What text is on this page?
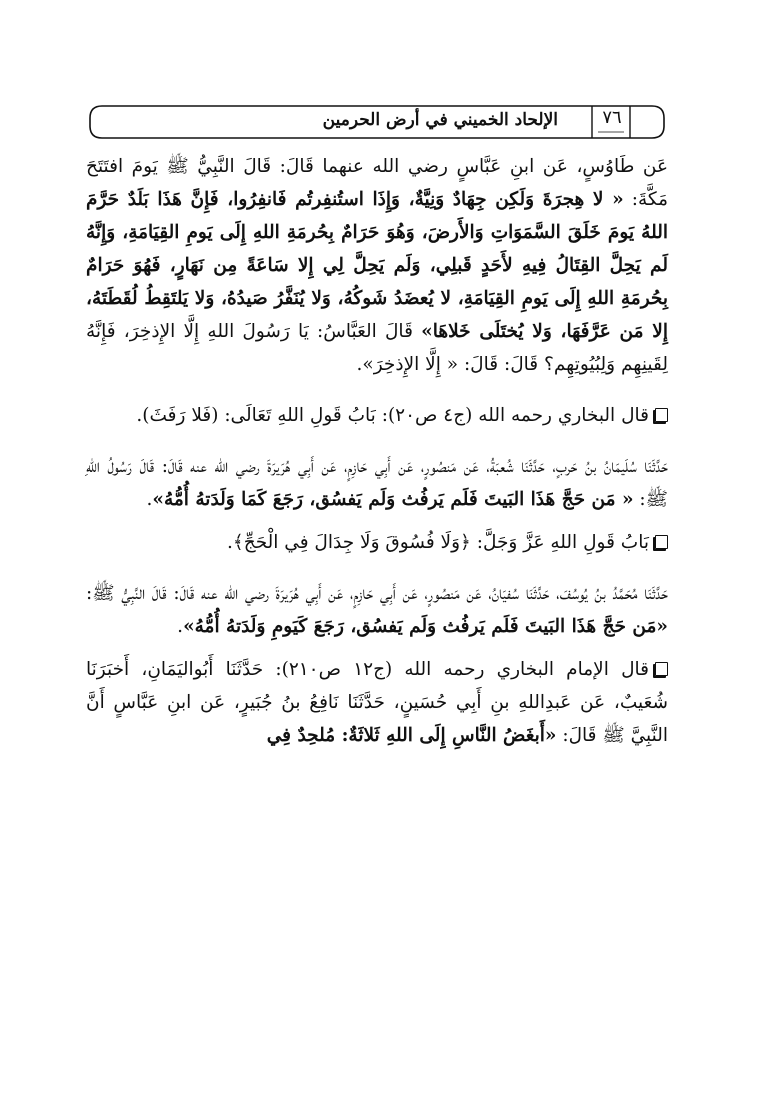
الإلحاد الخميني في أرض الحرمين	٧٦

عَن طَاوُسٍ، عَن ابنِ عَبَّاسٍ رضي الله عنهما قَالَ: قَالَ النَّبِيُّ ﷺ يَومَ افتَتَحَ مَكَّةَ: « لا هِجرَةَ وَلَكِن جِهَادٌ وَنِيَّةٌ، وَإِذَا استُنفِرتُم فَانفِرُوا، فَإِنَّ هَذَا بَلَدٌ حَرَّمَ اللهُ يَومَ خَلَقَ السَّمَوَاتِ وَالأَرضَ، وَهُوَ حَرَامٌ بِحُرمَةِ اللهِ إِلَى يَومِ القِيَامَةِ، وَإِنَّهُ لَم يَحِلَّ القِتَالُ فِيهِ لأَحَدٍ قَبلِي، وَلَم يَحِلَّ لِي إِلا سَاعَةً مِن نَهَارٍ، فَهُوَ حَرَامٌ بِحُرمَةِ اللهِ إِلَى يَومِ القِيَامَةِ، لا يُعضَدُ شَوكُهُ، وَلا يُنَفَّرُ صَيدُهُ، وَلا يَلتَقِطُ لُقَطَتَهُ، إِلا مَن عَرَّفَهَا، وَلا يُختَلَى خَلاهَا» قَالَ العَبَّاسُ: يَا رَسُولَ اللهِ إِلَّا الإِذخِرَ، فَإِنَّهُ لِقَينِهِم وَلِبُيُوتِهِم؟ قَالَ: قَالَ: « إِلَّا الإِذخِرَ».

قال البخاري رحمه الله (ج٤ ص٢٠): بَابُ قَولِ اللهِ تَعَالَى: (فَلا رَفَثَ).

حَدَّثَنَا سُلَيمَانُ بنُ حَربٍ، حَدَّثَنَا شُعبَةُ، عَن مَنصُورٍ، عَن أَبِي حَازِمٍ، عَن أَبِي هُرَيرَةَ رضي الله عنه قَالَ: قَالَ رَسُولُ اللهِ ﷺ: « مَن حَجَّ هَذَا البَيتَ فَلَم يَرفُث وَلَم يَفسُق، رَجَعَ كَمَا وَلَدَتهُ أُمُّهُ».

بَابُ قَولِ اللهِ عَزَّ وَجَلَّ: ﴿وَلَا فُسُوقَ وَلَا جِدَالَ فِي الْحَجِّ﴾.

حَدَّثَنَا مُحَمَّدُ بنُ يُوسُفَ، حَدَّثَنَا سُفيَانُ، عَن مَنصُورٍ، عَن أَبِي حَازِمٍ، عَن أَبِي هُرَيرَةَ رضي الله عنه قَالَ: قَالَ النَّبِيُّ ﷺ: «مَن حَجَّ هَذَا البَيتَ فَلَم يَرفُث وَلَم يَفسُق، رَجَعَ كَيَومِ وَلَدَتهُ أُمُّهُ».

قال الإمام البخاري رحمه الله (ج١٢ ص٢١٠): حَدَّثَنَا أَبُواليَمَانِ، أَخبَرَنَا شُعَيبٌ، عَن عَبدِاللهِ بنِ أَبِي حُسَينٍ، حَدَّثَنَا نَافِعُ بنُ جُبَيرٍ، عَن ابنِ عَبَّاسٍ أَنَّ النَّبِيَّ ﷺ قَالَ: «أَبغَضُ النَّاسِ إِلَى اللهِ ثَلاثَةٌ: مُلحِدٌ فِي
